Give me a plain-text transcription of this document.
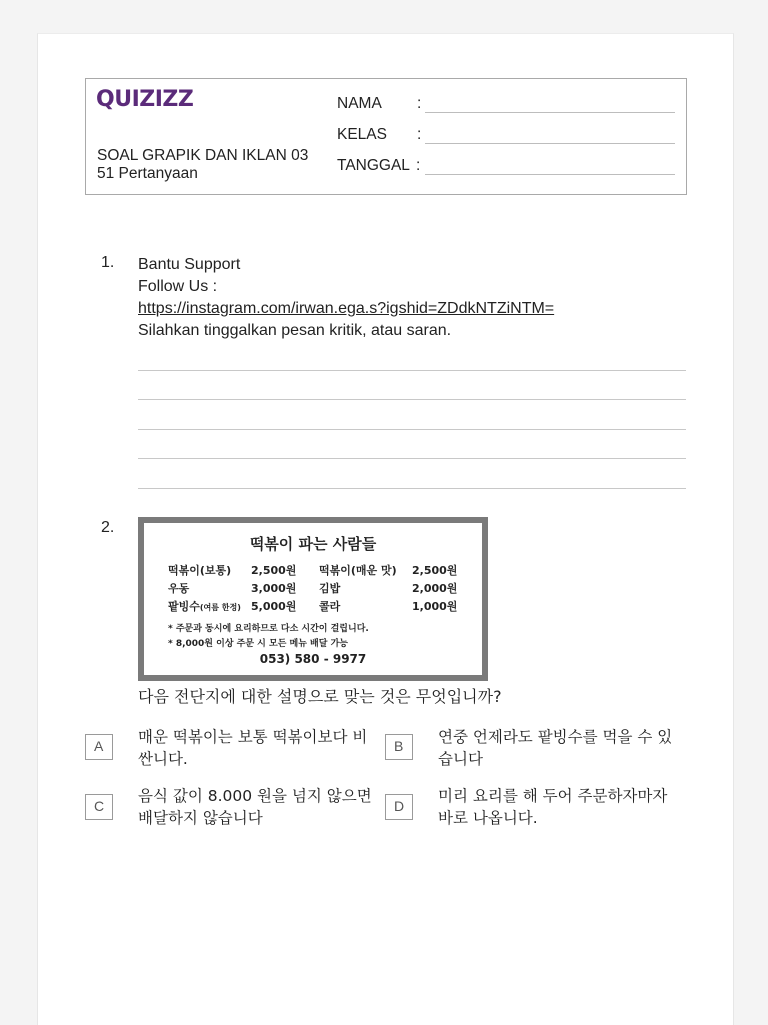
QUIZIZZ
SOAL GRAPIK DAN IKLAN 03
51 Pertanyaan
NAMA :
KELAS :
TANGGAL :
1. Bantu Support
Follow Us :
https://instagram.com/irwan.ega.s?igshid=ZDdkNTZiNTM=
Silahkan tinggalkan pesan kritik, atau saran.
2.
떡볶이 파는 사람들
떡볶이(보통) 2,500원 떡볶이(매운 맛) 2,500원
우동	3,000원 김밥	2,000원
팥빙수(여름 한정) 5,000원 콜라	1,000원
* 주문과 동시에 요리하므로 다소 시간이 걸립니다.
* 8,000원 이상 주문 시 모든 메뉴 배달 가능
053) 580 - 9977
다음 전단지에 대한 설명으로 맞는 것은 무엇입니까?
A	매운 떡볶이는 보통 떡볶이보다 비싼니다.
B	연중 언제라도 팥빙수를 먹을 수 있습니다
C
음식 값이 8.000 원을 넘지 않으면 배달하지 않습니다
D
미리 요리를 해 두어 주문하자마자 바로 나옵니다.
